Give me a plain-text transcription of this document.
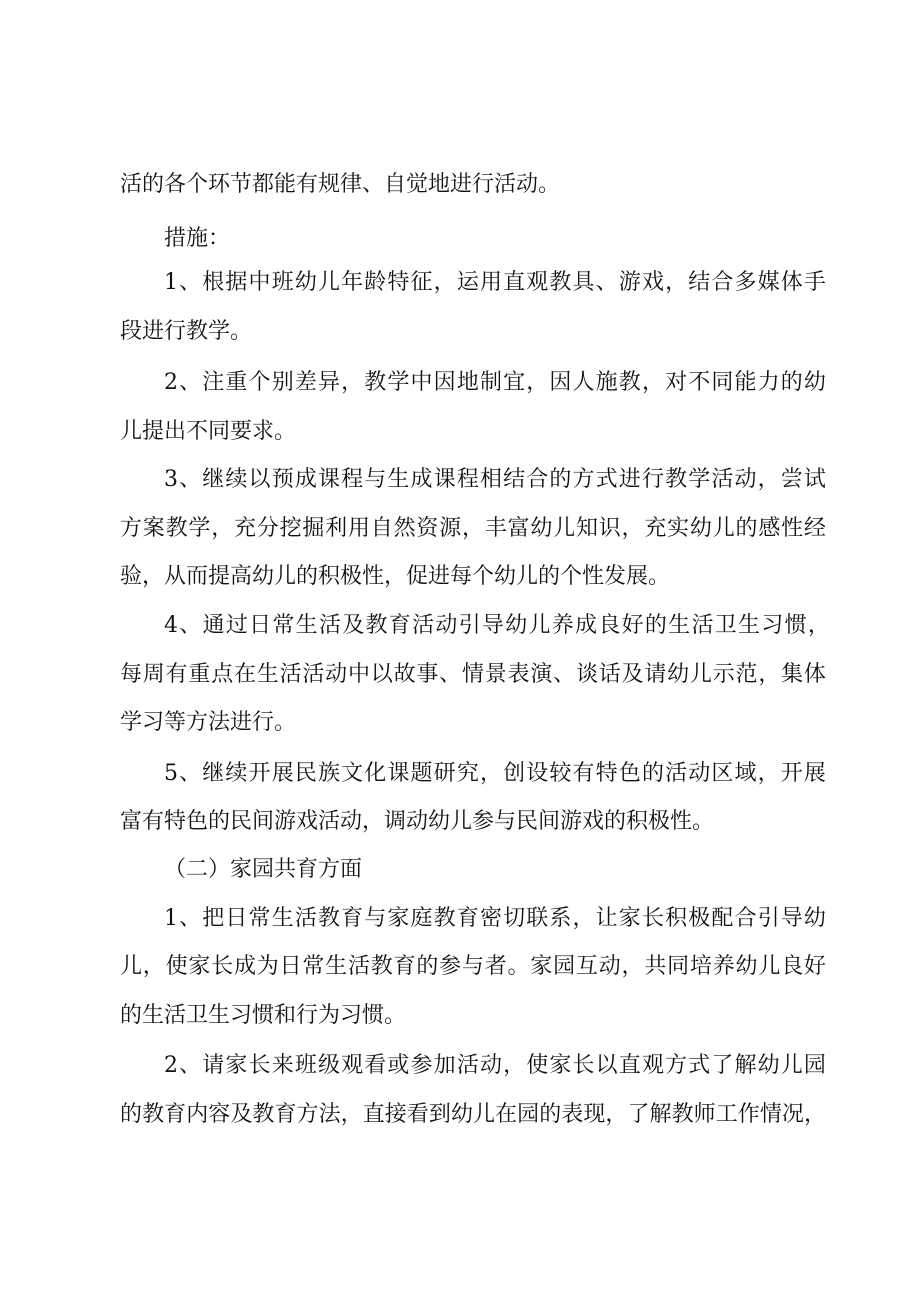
活的各个环节都能有规律、自觉地进行活动。
措施：
1 、 根 据 中 班 幼 儿 年 龄 特 征 ， 运 用 直 观 教 具 、 游 戏 ， 结 合 多 媒 体 手
段进行教学。
2 、 注 重 个 别 差 异 ， 教 学 中 因 地 制 宜 ， 因 人 施 教 ， 对 不 同 能 力 的 幼
儿提出不同要求。
3 、 继 续 以 预 成 课 程 与 生 成 课 程 相 结 合 的 方 式 进 行 教 学 活 动 ， 尝 试
方 案 教 学 ， 充 分 挖 掘 利 用 自 然 资 源 ， 丰 富 幼 儿 知 识 ， 充 实 幼 儿 的 感 性 经
验，从而提高幼儿的积极性，促进每个幼儿的个性发展。
4 、 通 过 日 常 生 活 及 教 育 活 动 引 导 幼 儿 养 成 良 好 的 生 活 卫 生 习 惯 ，
每 周 有 重 点 在 生 活 活 动 中 以 故 事 、 情 景 表 演 、 谈 话 及 请 幼 儿 示 范 ， 集 体
学习等方法进行。
5 、 继 续 开 展 民 族 文 化 课 题 研 究 ， 创 设 较 有 特 色 的 活 动 区 域 ， 开 展
富有特色的民间游戏活动，调动幼儿参与民间游戏的积极性。
（二）家园共育方面
1 、 把 日 常 生 活 教 育 与 家 庭 教 育 密 切 联 系 ， 让 家 长 积 极 配 合 引 导 幼
儿 ， 使 家 长 成 为 日 常 生 活 教 育 的 参 与 者 。 家 园 互 动 ， 共 同 培 养 幼 儿 良 好
的生活卫生习惯和行为习惯。
2 、 请 家 长 来 班 级 观 看 或 参 加 活 动 ， 使 家 长 以 直 观 方 式 了 解 幼 儿 园
的 教 育 内 容 及 教 育 方 法 ， 直 接 看 到 幼 儿 在 园 的 表 现 ， 了 解 教 师 工 作 情 况 ，
